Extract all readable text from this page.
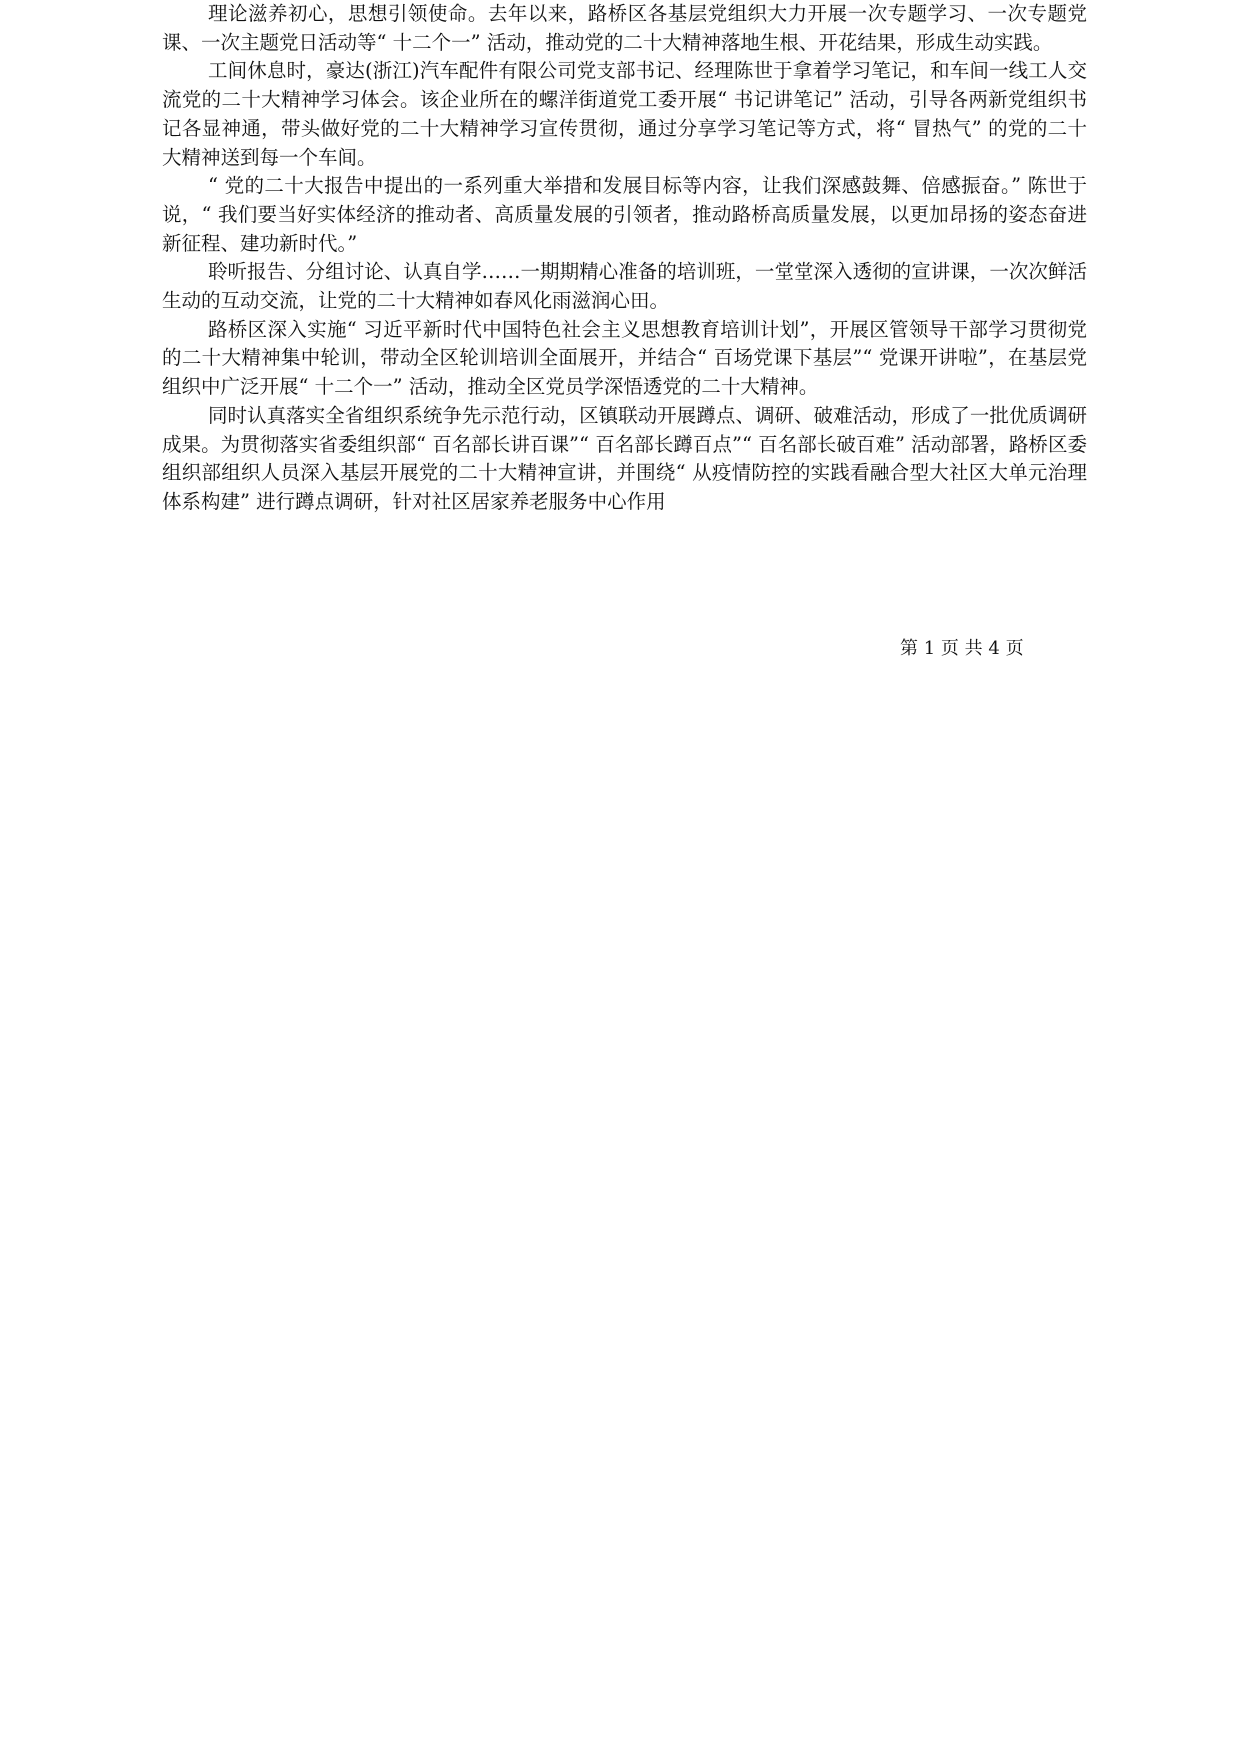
理论滋养初心，思想引领使命。去年以来，路桥区各基层党组织大力开展一次专题学习、一次专题党课、一次主题党日活动等“ 十二个一” 活动，推动党的二十大精神落地生根、开花结果，形成生动实践。

工间休息时，豪达(浙江)汽车配件有限公司党支部书记、经理陈世于拿着学习笔记，和车间一线工人交流党的二十大精神学习体会。该企业所在的螺洋街道党工委开展“ 书记讲笔记” 活动，引导各两新党组织书记各显神通，带头做好党的二十大精神学习宣传贯彻，通过分享学习笔记等方式，将“ 冒热气” 的党的二十大精神送到每一个车间。

“ 党的二十大报告中提出的一系列重大举措和发展目标等内容，让我们深感鼓舞、倍感振奋。” 陈世于说，“ 我们要当好实体经济的推动者、高质量发展的引领者，推动路桥高质量发展，以更加昂扬的姿态奋进新征程、建功新时代。”

聆听报告、分组讨论、认真自学……一期期精心准备的培训班，一堂堂深入透彻的宣讲课，一次次鲜活生动的互动交流，让党的二十大精神如春风化雨滋润心田。

路桥区深入实施“ 习近平新时代中国特色社会主义思想教育培训计划”，开展区管领导干部学习贯彻党的二十大精神集中轮训，带动全区轮训培训全面展开，并结合“ 百场党课下基层”“ 党课开讲啦”，在基层党组织中广泛开展“ 十二个一” 活动，推动全区党员学深悟透党的二十大精神。

同时认真落实全省组织系统争先示范行动，区镇联动开展蹲点、调研、破难活动，形成了一批优质调研成果。为贯彻落实省委组织部“ 百名部长讲百课”“ 百名部长蹲百点”“ 百名部长破百难” 活动部署，路桥区委组织部组织人员深入基层开展党的二十大精神宣讲，并围绕“ 从疫情防控的实践看融合型大社区大单元治理体系构建” 进行蹲点调研，针对社区居家养老服务中心作用

第 1 页 共 4 页
